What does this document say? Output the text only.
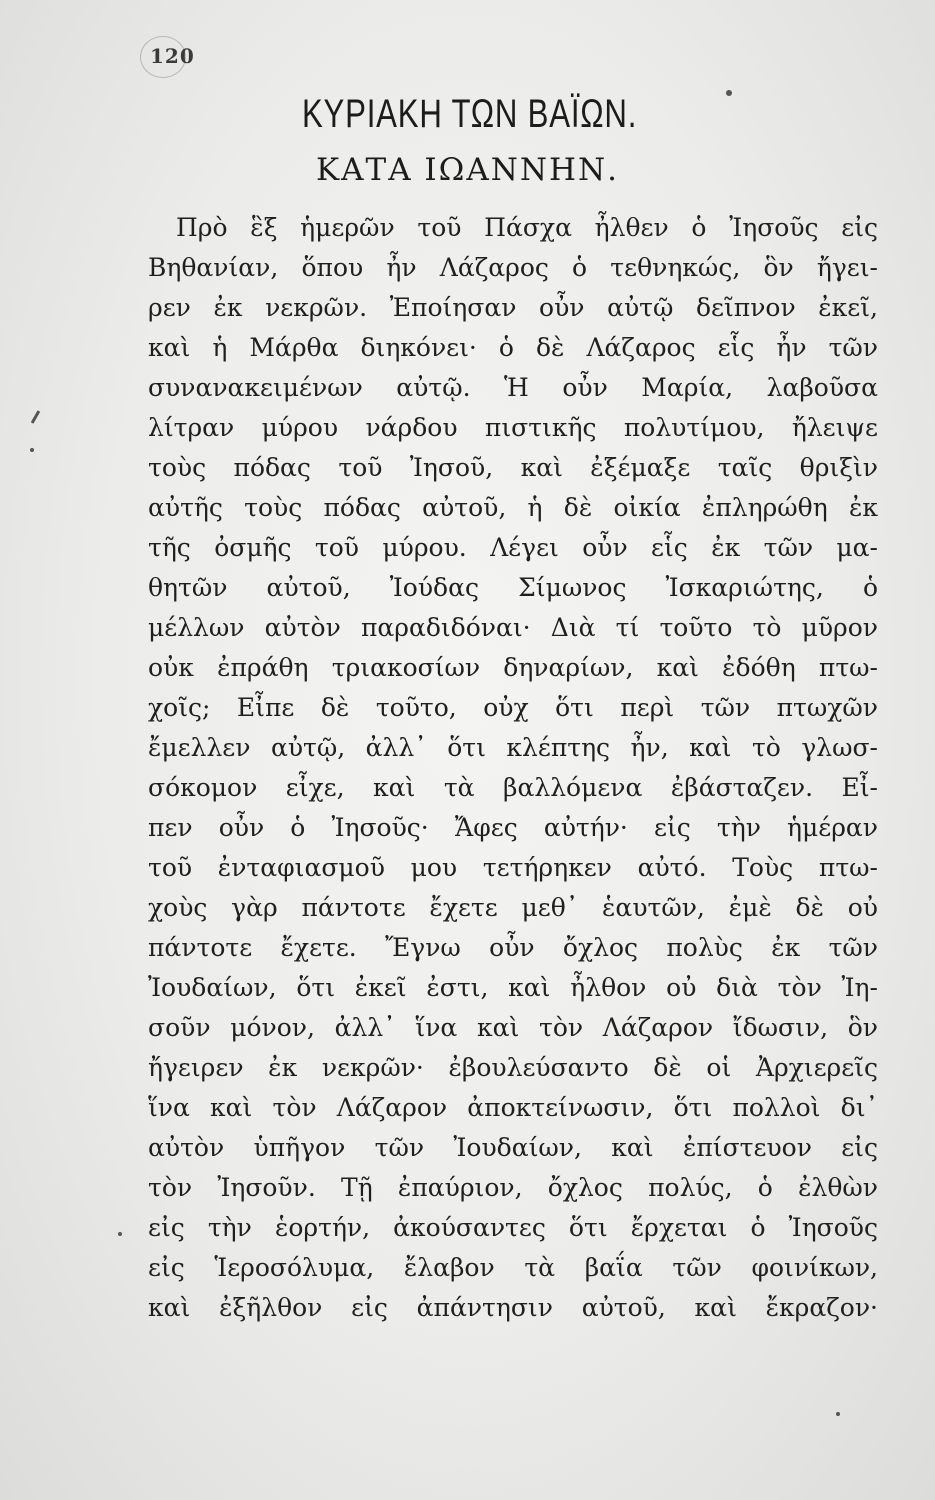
120
ΚΥΡΙΑΚΗ ΤΩΝ ΒΑΪΩΝ.
ΚΑΤΑ ΙΩΑΝΝΗΝ.
Πρὸ ἓξ ἡμερῶν τοῦ Πάσχα ἦλθεν ὁ Ἰησοῦς εἰς
Βηθανίαν, ὅπου ἦν Λάζαρος ὁ τεθνηκώς, ὃν ἤγει-
ρεν ἐκ νεκρῶν. Ἐποίησαν οὖν αὐτῷ δεῖπνον ἐκεῖ,
καὶ ἡ Μάρθα διηκόνει· ὁ δὲ Λάζαρος εἷς ἦν τῶν
συνανακειμένων αὐτῷ. Ἡ οὖν Μαρία, λαβοῦσα
λίτραν μύρου νάρδου πιστικῆς πολυτίμου, ἤλειψε
τοὺς πόδας τοῦ Ἰησοῦ, καὶ ἐξέμαξε ταῖς θριξὶν
αὐτῆς τοὺς πόδας αὐτοῦ, ἡ δὲ οἰκία ἐπληρώθη ἐκ
τῆς ὀσμῆς τοῦ μύρου. Λέγει οὖν εἷς ἐκ τῶν μα-
θητῶν αὐτοῦ, Ἰούδας Σίμωνος Ἰσκαριώτης, ὁ
μέλλων αὐτὸν παραδιδόναι· Διὰ τί τοῦτο τὸ μῦρον
οὐκ ἐπράθη τριακοσίων δηναρίων, καὶ ἐδόθη πτω-
χοῖς; Εἶπε δὲ τοῦτο, οὐχ ὅτι περὶ τῶν πτωχῶν
ἔμελλεν αὐτῷ, ἀλλ᾽ ὅτι κλέπτης ἦν, καὶ τὸ γλωσ-
σόκομον εἶχε, καὶ τὰ βαλλόμενα ἐβάσταζεν. Εἶ-
πεν οὖν ὁ Ἰησοῦς· Ἄφες αὐτήν· εἰς τὴν ἡμέραν
τοῦ ἐνταφιασμοῦ μου τετήρηκεν αὐτό. Τοὺς πτω-
χοὺς γὰρ πάντοτε ἔχετε μεθ᾽ ἑαυτῶν, ἐμὲ δὲ οὐ
πάντοτε ἔχετε. Ἔγνω οὖν ὄχλος πολὺς ἐκ τῶν
Ἰουδαίων, ὅτι ἐκεῖ ἐστι, καὶ ἦλθον οὐ διὰ τὸν Ἰη-
σοῦν μόνον, ἀλλ᾽ ἵνα καὶ τὸν Λάζαρον ἴδωσιν, ὃν
ἤγειρεν ἐκ νεκρῶν· ἐβουλεύσαντο δὲ οἱ Ἀρχιερεῖς
ἵνα καὶ τὸν Λάζαρον ἀποκτείνωσιν, ὅτι πολλοὶ δι᾽
αὐτὸν ὑπῆγον τῶν Ἰουδαίων, καὶ ἐπίστευον εἰς
τὸν Ἰησοῦν. Τῇ ἐπαύριον, ὄχλος πολύς, ὁ ἐλθὼν
εἰς τὴν ἑορτήν, ἀκούσαντες ὅτι ἔρχεται ὁ Ἰησοῦς
εἰς Ἱεροσόλυμα, ἔλαβον τὰ βαΐα τῶν φοινίκων,
καὶ ἐξῆλθον εἰς ἀπάντησιν αὐτοῦ, καὶ ἔκραζον·
